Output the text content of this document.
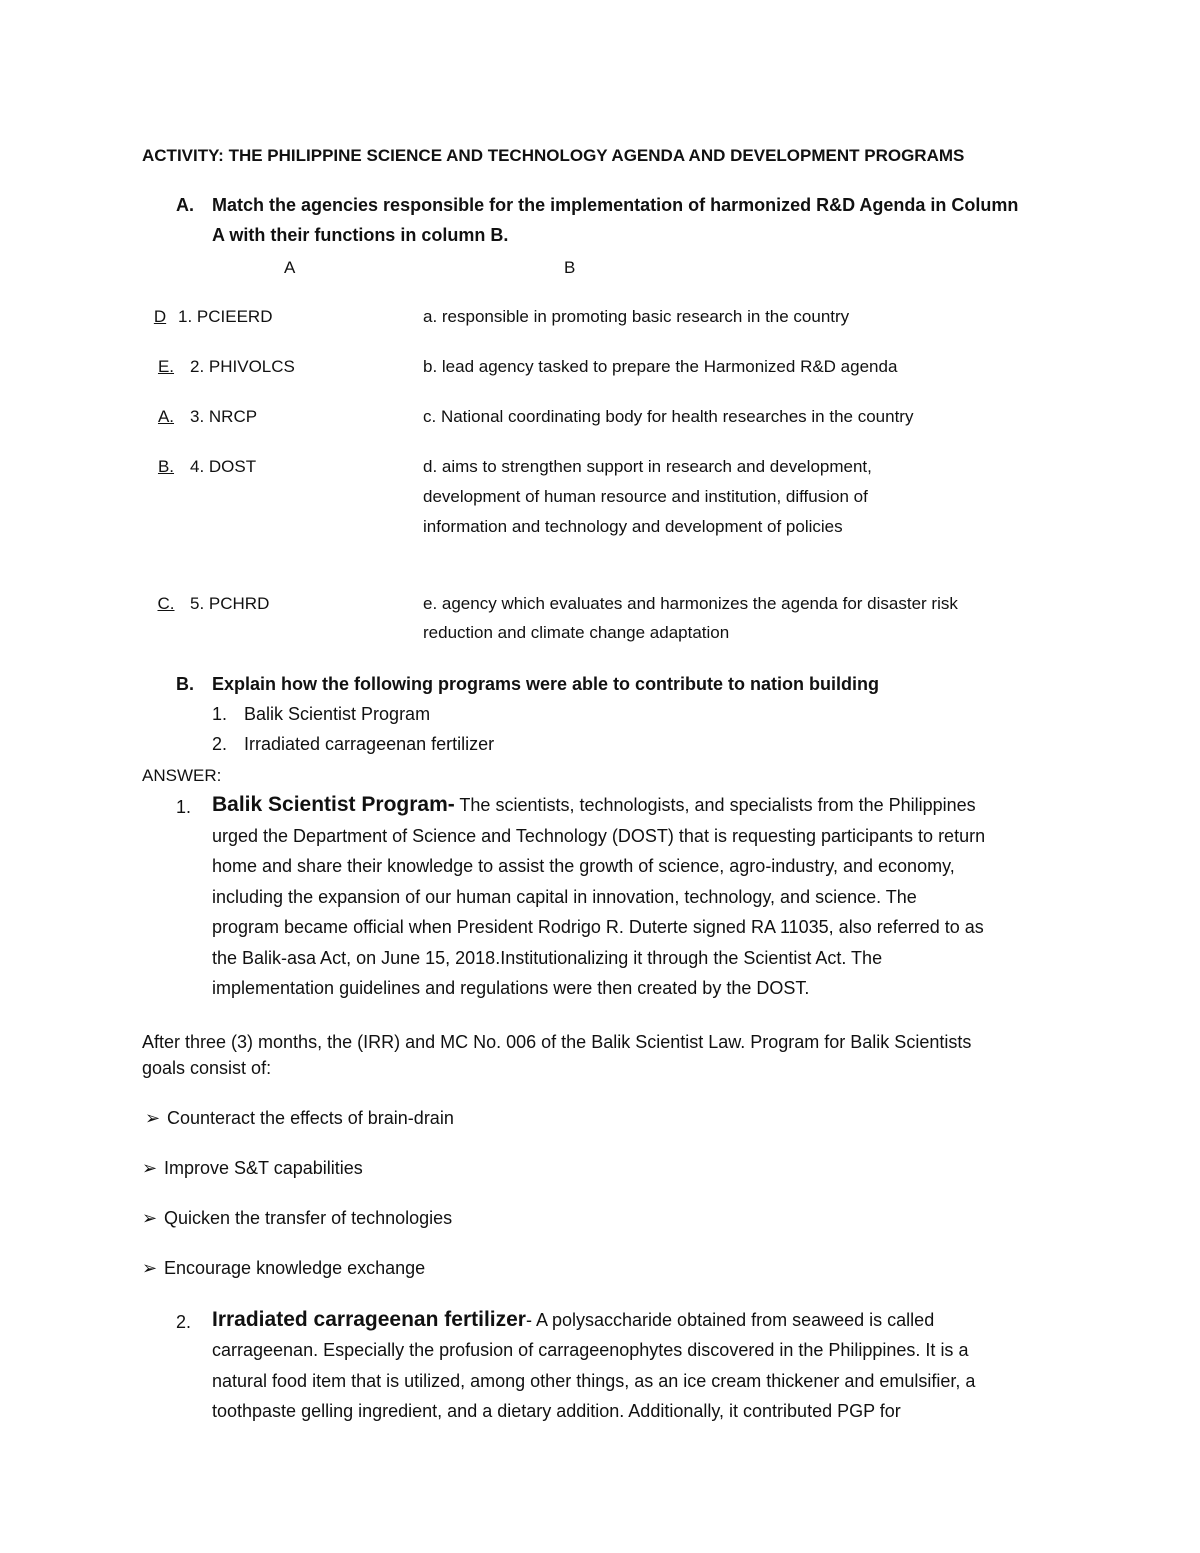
ACTIVITY: THE PHILIPPINE SCIENCE AND TECHNOLOGY AGENDA AND DEVELOPMENT PROGRAMS
A. Match the agencies responsible for the implementation of harmonized R&D Agenda in Column
A with their functions in column B.
A	B
D 1. PCIEERD
E. 2. PHIVOLCS
A. 3. NRCP
B. 4. DOST
C. 5. PCHRD
a. responsible in promoting basic research in the country
b. lead agency tasked to prepare the Harmonized R&D agenda
c. National coordinating body for health researches in the country
d. aims to strengthen support in research and development,
development of human resource and institution, diffusion of
information and technology and development of policies
e. agency which evaluates and harmonizes the agenda for disaster risk
reduction and climate change adaptation
B. Explain how the following programs were able to contribute to nation building
1. Balik Scientist Program
2. Irradiated carrageenan fertilizer
ANSWER:
1. Balik Scientist Program- The scientists, technologists, and specialists from the Philippines
urged the Department of Science and Technology (DOST) that is requesting participants to return
home and share their knowledge to assist the growth of science, agro-industry, and economy,
including the expansion of our human capital in innovation, technology, and science. The
program became official when President Rodrigo R. Duterte signed RA 11035, also referred to as
the Balik-asa Act, on June 15, 2018.Institutionalizing it through the Scientist Act. The
implementation guidelines and regulations were then created by the DOST.
After three (3) months, the (IRR) and MC No. 006 of the Balik Scientist Law. Program for Balik Scientists
goals consist of:
➢ Counteract the effects of brain-drain
➢ Improve S&T capabilities
➢ Quicken the transfer of technologies
➢ Encourage knowledge exchange
2. Irradiated carrageenan fertilizer- A polysaccharide obtained from seaweed is called
carrageenan. Especially the profusion of carrageenophytes discovered in the Philippines. It is a
natural food item that is utilized, among other things, as an ice cream thickener and emulsifier, a
toothpaste gelling ingredient, and a dietary addition. Additionally, it contributed PGP for
